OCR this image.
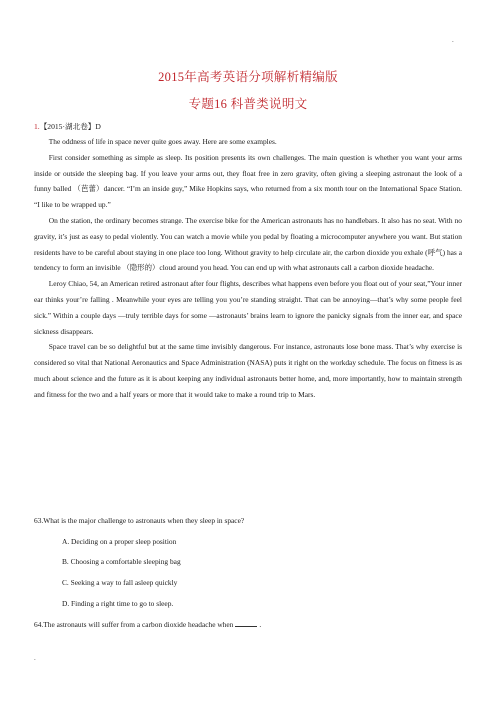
.
2015年高考英语分项解析精编版
专题16 科普类说明文
1.【2015·湖北卷】D

The oddness of life in space never quite goes away. Here are some examples.

First consider something as simple as sleep. Its position presents its own challenges. The main question is whether you want your arms inside or outside the sleeping bag. If you leave your arms out, they float free in zero gravity, often giving a sleeping astronaut the look of a funny balled （芭蕾）dancer. “I’m an inside guy,” Mike Hopkins says, who returned from a six month tour on the International Space Station. “I like to be wrapped up.”

On the station, the ordinary becomes strange. The exercise bike for the American astronauts has no handlebars. It also has no seat. With no gravity, it’s just as easy to pedal violently. You can watch a movie while you pedal by floating a microcomputer anywhere you want. But station residents have to be careful about staying in one place too long. Without gravity to help circulate air, the carbon dioxide you exhale (呼气) has a tendency to form an invisible （隐形的）cloud around you head. You can end up with what astronauts call a carbon dioxide headache.

Leroy Chiao, 54, an American retired astronaut after four flights, describes what happens even before you float out of your seat,”Your inner ear thinks your’re falling . Meanwhile your eyes are telling you you’re standing straight. That can be annoying—that’s why some people feel sick.” Within a couple days —truly terrible days for some —astronauts’ brains learn to ignore the panicky signals from the inner ear, and space sickness disappears.

Space travel can be so delightful but at the same time invisibly dangerous. For instance, astronauts lose bone mass. That’s why exercise is considered so vital that National Aeronautics and Space Administration (NASA) puts it right on the workday schedule. The focus on fitness is as much about science and the future as it is about keeping any individual astronauts better home, and, more importantly, how to maintain strength and fitness for the two and a half years or more that it would take to make a round trip to Mars.

63.What is the major challenge to astronauts when they sleep in space?
A. Deciding on a proper sleep position
B. Choosing a comfortable sleeping bag
C. Seeking a way to fall asleep quickly
D. Finding a right time to go to sleep.
64.The astronauts will suffer from a carbon dioxide headache when	.
.
